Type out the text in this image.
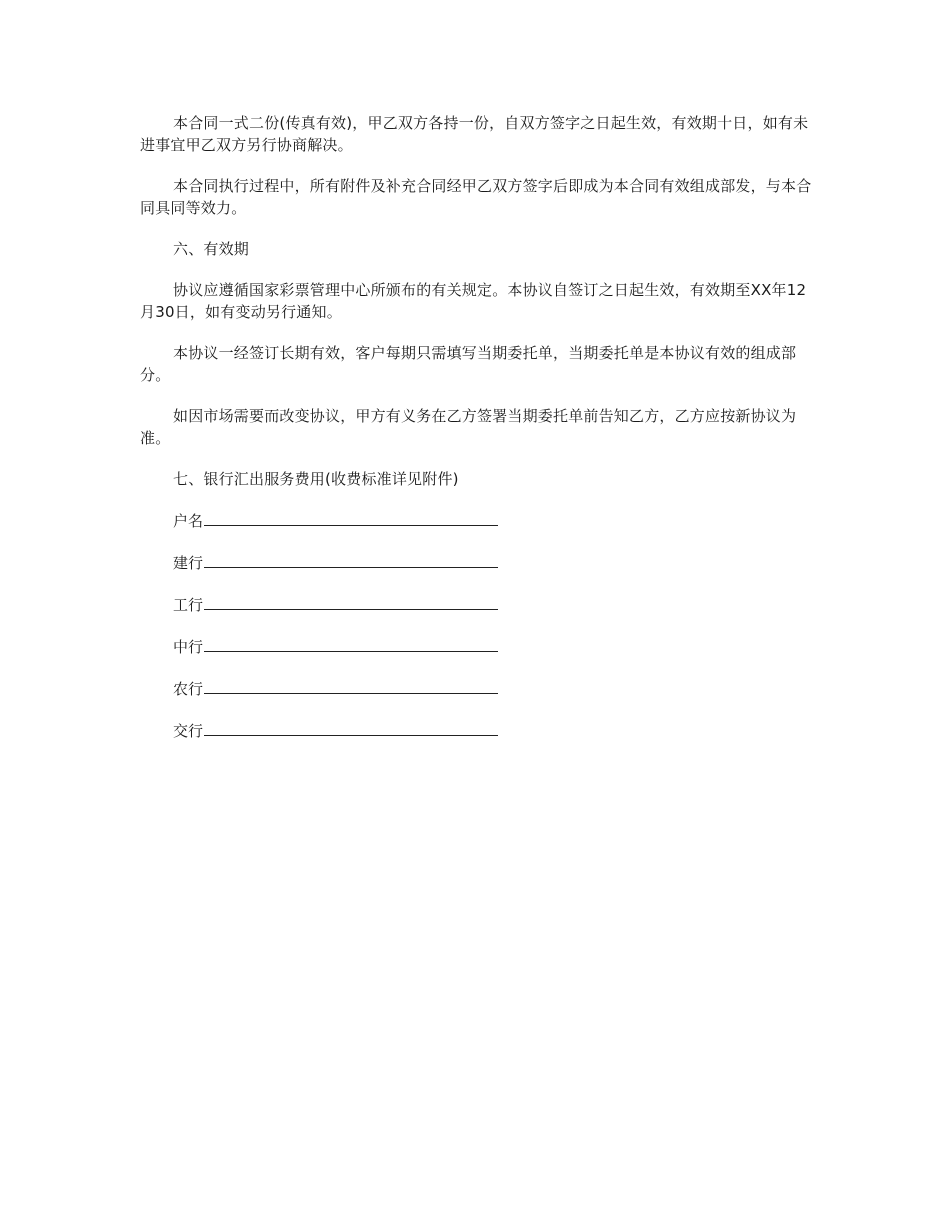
本合同一式二份(传真有效)，甲乙双方各持一份，自双方签字之日起生效，有效期十日，如有未进事宜甲乙双方另行协商解决。

本合同执行过程中，所有附件及补充合同经甲乙双方签字后即成为本合同有效组成部发，与本合同具同等效力。

六、有效期

协议应遵循国家彩票管理中心所颁布的有关规定。本协议自签订之日起生效，有效期至XX年12月30日，如有变动另行通知。

本协议一经签订长期有效，客户每期只需填写当期委托单，当期委托单是本协议有效的组成部分。

如因市场需要而改变协议，甲方有义务在乙方签署当期委托单前告知乙方，乙方应按新协议为准。

七、银行汇出服务费用(收费标准详见附件)
户名
建行
工行
中行
农行
交行
